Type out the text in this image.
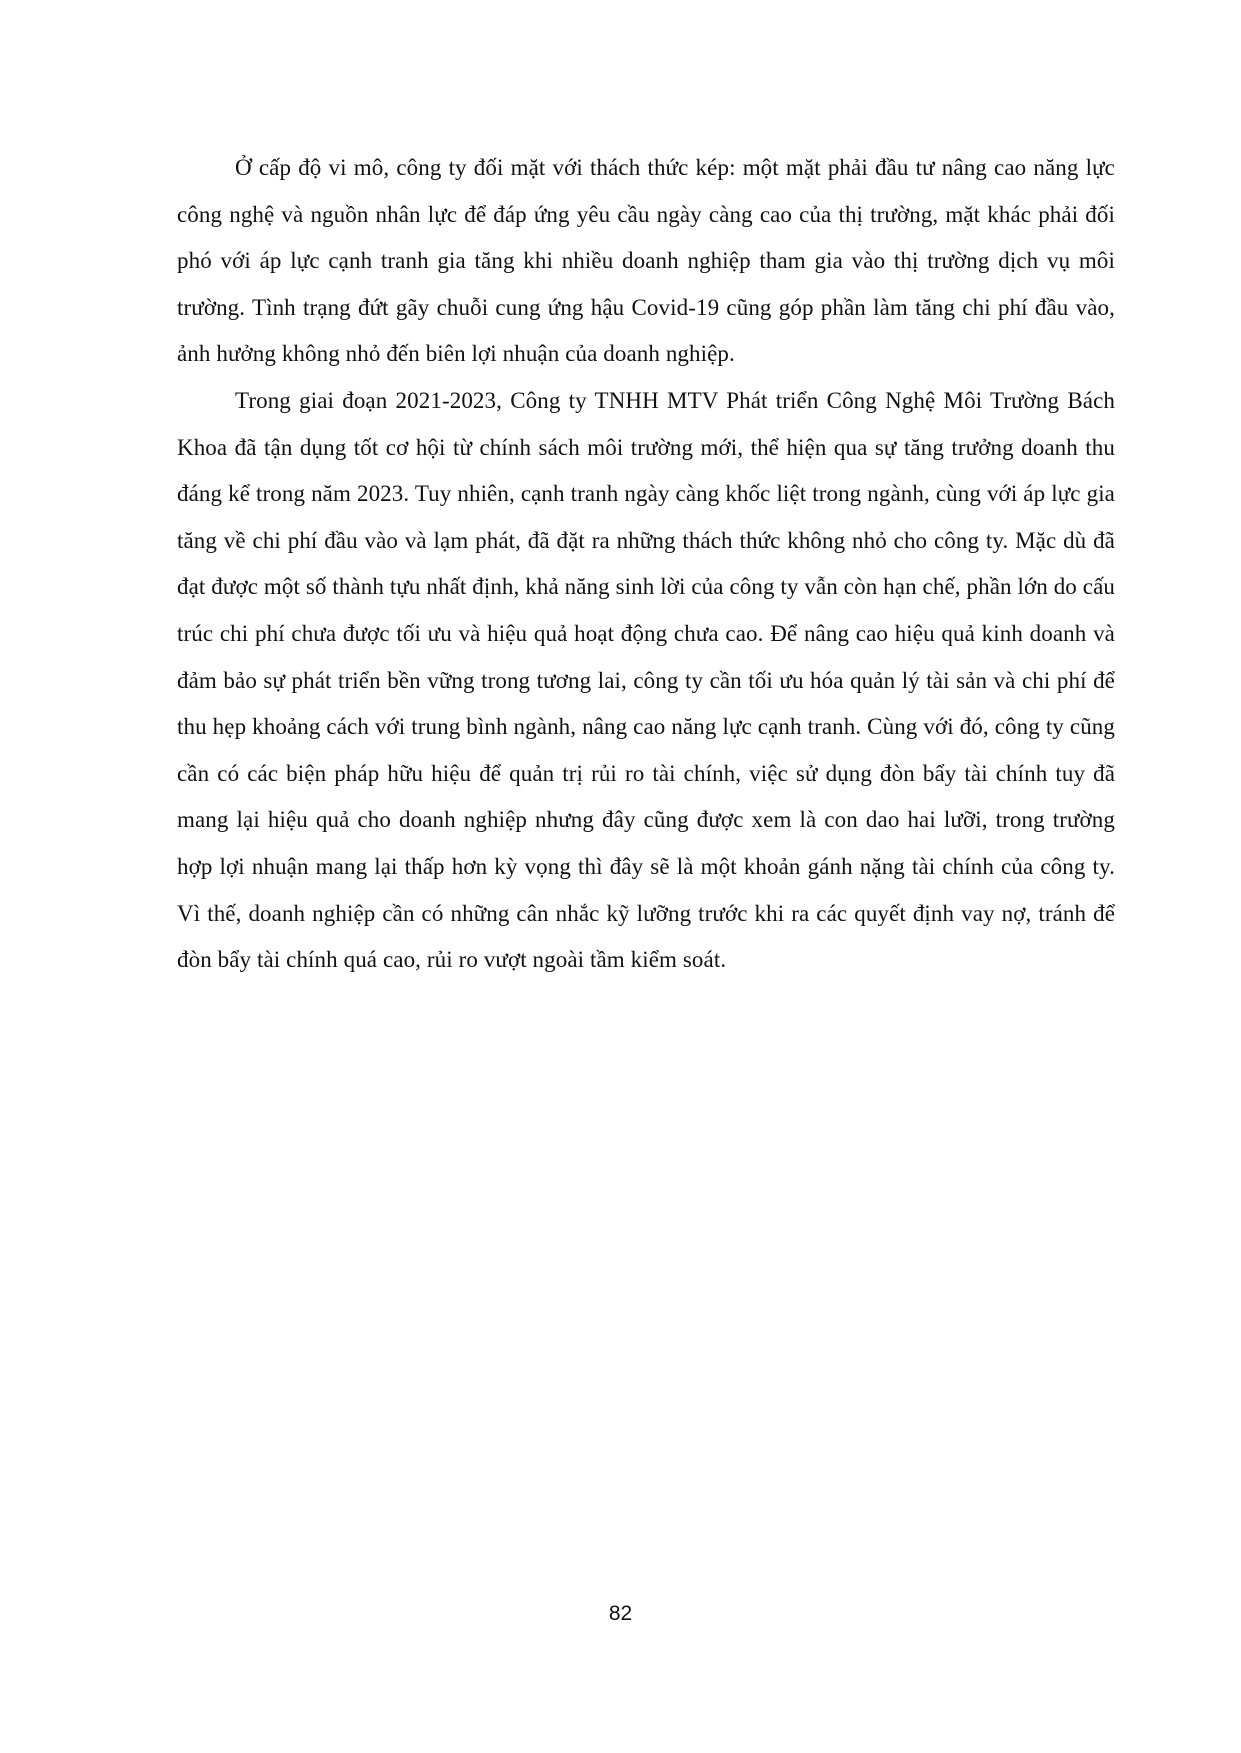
Ở cấp độ vi mô, công ty đối mặt với thách thức kép: một mặt phải đầu tư nâng cao năng lực công nghệ và nguồn nhân lực để đáp ứng yêu cầu ngày càng cao của thị trường, mặt khác phải đối phó với áp lực cạnh tranh gia tăng khi nhiều doanh nghiệp tham gia vào thị trường dịch vụ môi trường. Tình trạng đứt gãy chuỗi cung ứng hậu Covid-19 cũng góp phần làm tăng chi phí đầu vào, ảnh hưởng không nhỏ đến biên lợi nhuận của doanh nghiệp.

Trong giai đoạn 2021-2023, Công ty TNHH MTV Phát triển Công Nghệ Môi Trường Bách Khoa đã tận dụng tốt cơ hội từ chính sách môi trường mới, thể hiện qua sự tăng trưởng doanh thu đáng kể trong năm 2023. Tuy nhiên, cạnh tranh ngày càng khốc liệt trong ngành, cùng với áp lực gia tăng về chi phí đầu vào và lạm phát, đã đặt ra những thách thức không nhỏ cho công ty. Mặc dù đã đạt được một số thành tựu nhất định, khả năng sinh lời của công ty vẫn còn hạn chế, phần lớn do cấu trúc chi phí chưa được tối ưu và hiệu quả hoạt động chưa cao. Để nâng cao hiệu quả kinh doanh và đảm bảo sự phát triển bền vững trong tương lai, công ty cần tối ưu hóa quản lý tài sản và chi phí để thu hẹp khoảng cách với trung bình ngành, nâng cao năng lực cạnh tranh. Cùng với đó, công ty cũng cần có các biện pháp hữu hiệu để quản trị rủi ro tài chính, việc sử dụng đòn bẩy tài chính tuy đã mang lại hiệu quả cho doanh nghiệp nhưng đây cũng được xem là con dao hai lưỡi, trong trường hợp lợi nhuận mang lại thấp hơn kỳ vọng thì đây sẽ là một khoản gánh nặng tài chính của công ty. Vì thế, doanh nghiệp cần có những cân nhắc kỹ lưỡng trước khi ra các quyết định vay nợ, tránh để đòn bẩy tài chính quá cao, rủi ro vượt ngoài tầm kiểm soát.

82
